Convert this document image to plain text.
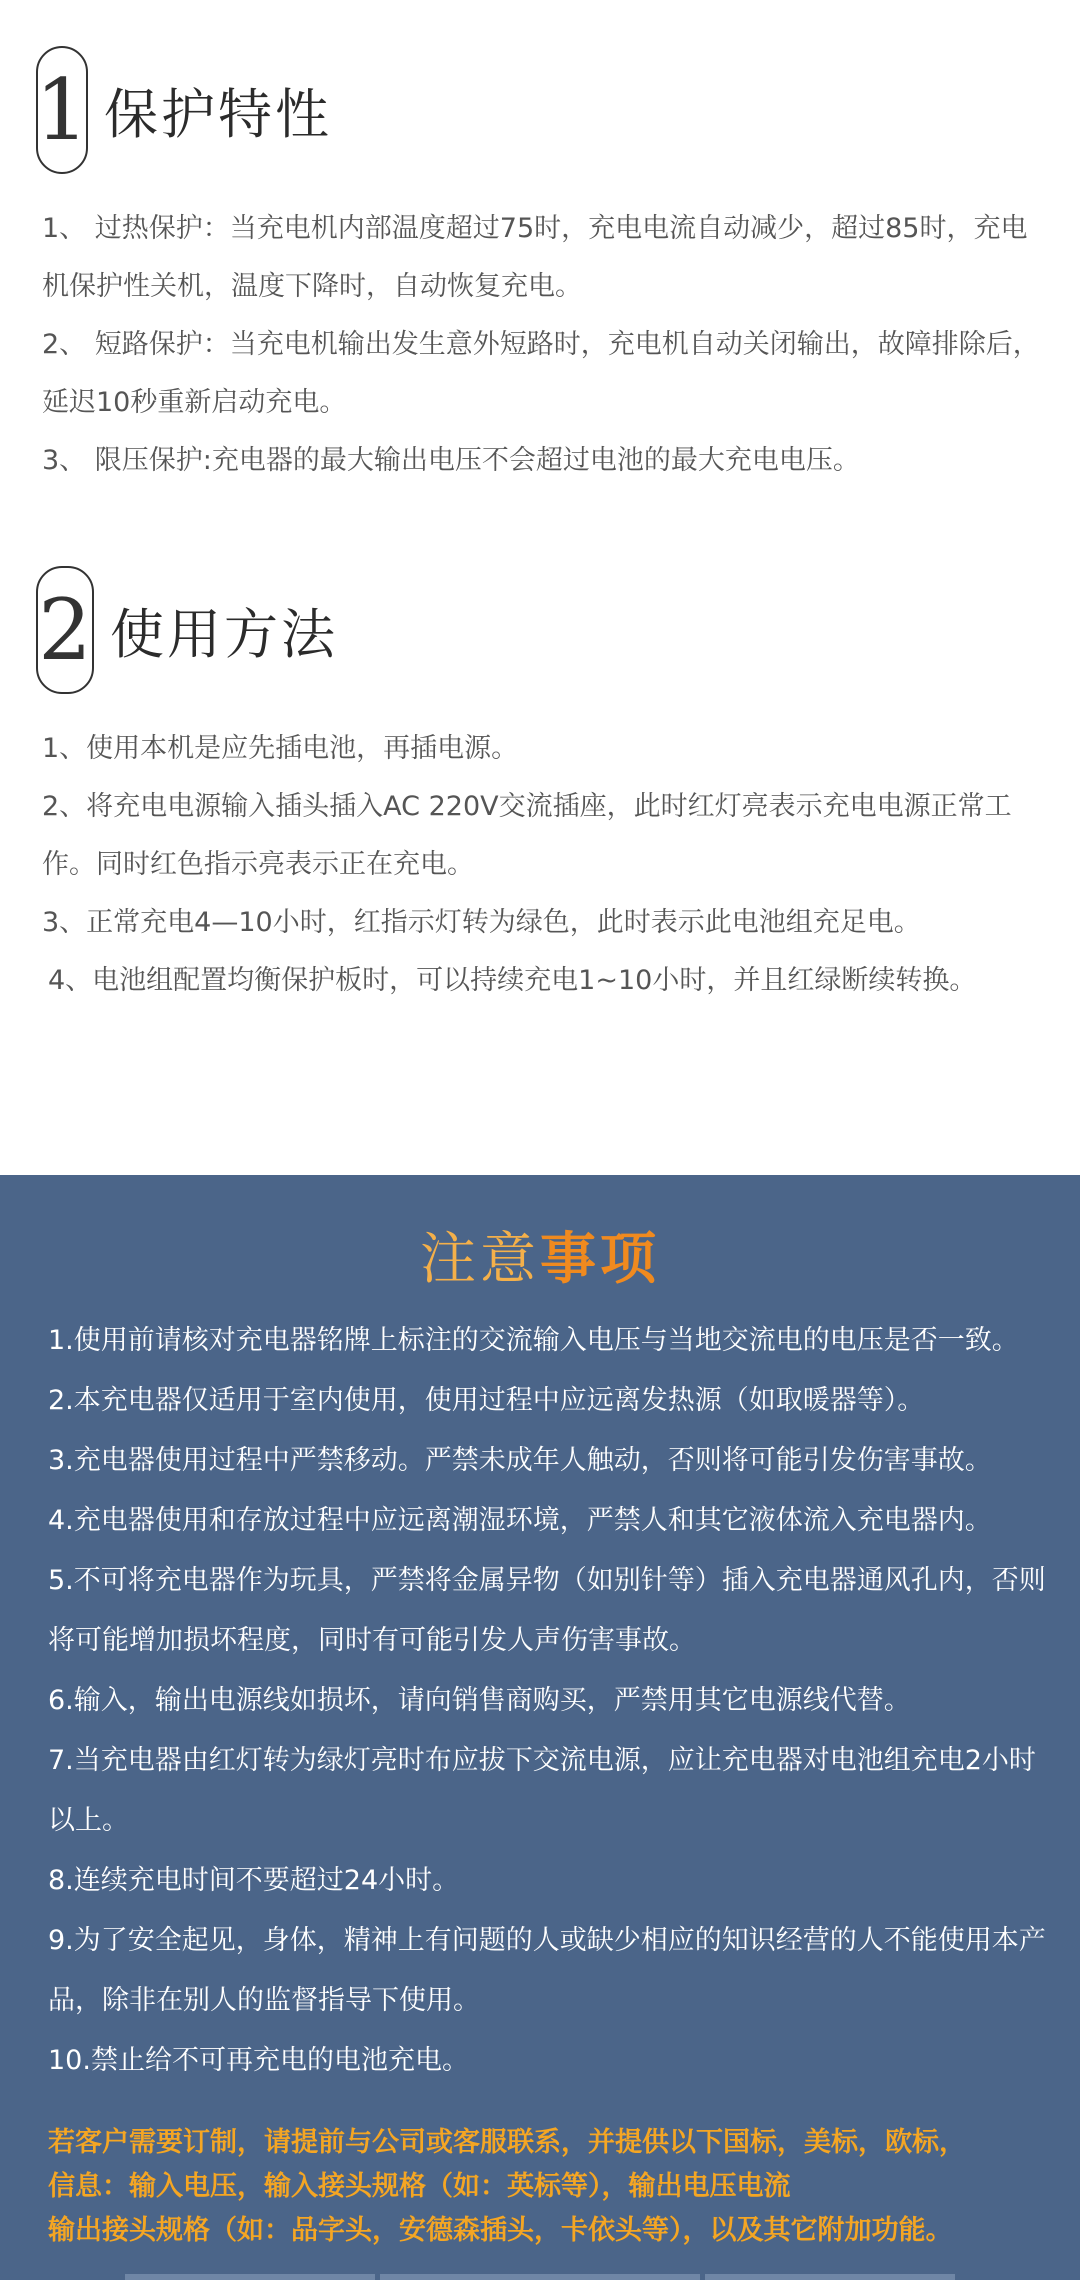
1 保护特性

1、 过热保护：当充电机内部温度超过75时，充电电流自动减少，超过85时，充电机保护性关机，温度下降时，自动恢复充电。

2、 短路保护：当充电机输出发生意外短路时，充电机自动关闭输出，故障排除后，延迟10秒重新启动充电。

3、 限压保护:充电器的最大输出电压不会超过电池的最大充电电压。

2 使用方法

1、使用本机是应先插电池，再插电源。

2、将充电电源输入插头插入AC 220V交流插座，此时红灯亮表示充电电源正常工作。同时红色指示亮表示正在充电。

3、正常充电4—10小时，红指示灯转为绿色，此时表示此电池组充足电。

4、电池组配置均衡保护板时，可以持续充电1~10小时，并且红绿断续转换。

注意事项

1.使用前请核对充电器铭牌上标注的交流输入电压与当地交流电的电压是否一致。

2.本充电器仅适用于室内使用，使用过程中应远离发热源（如取暖器等）。

3.充电器使用过程中严禁移动。严禁未成年人触动，否则将可能引发伤害事故。

4.充电器使用和存放过程中应远离潮湿环境，严禁人和其它液体流入充电器内。

5.不可将充电器作为玩具，严禁将金属异物（如别针等）插入充电器通风孔内，否则将可能增加损坏程度，同时有可能引发人声伤害事故。

6.输入，输出电源线如损坏，请向销售商购买，严禁用其它电源线代替。

7.当充电器由红灯转为绿灯亮时布应拔下交流电源，应让充电器对电池组充电2小时以上。

8.连续充电时间不要超过24小时。

9.为了安全起见，身体，精神上有问题的人或缺少相应的知识经营的人不能使用本产品，除非在别人的监督指导下使用。

10.禁止给不可再充电的电池充电。

若客户需要订制，请提前与公司或客服联系，并提供以下国标，美标，欧标，

信息：输入电压，输入接头规格（如：英标等），输出电压电流

输出接头规格（如：品字头，安德森插头，卡依头等），以及其它附加功能。
